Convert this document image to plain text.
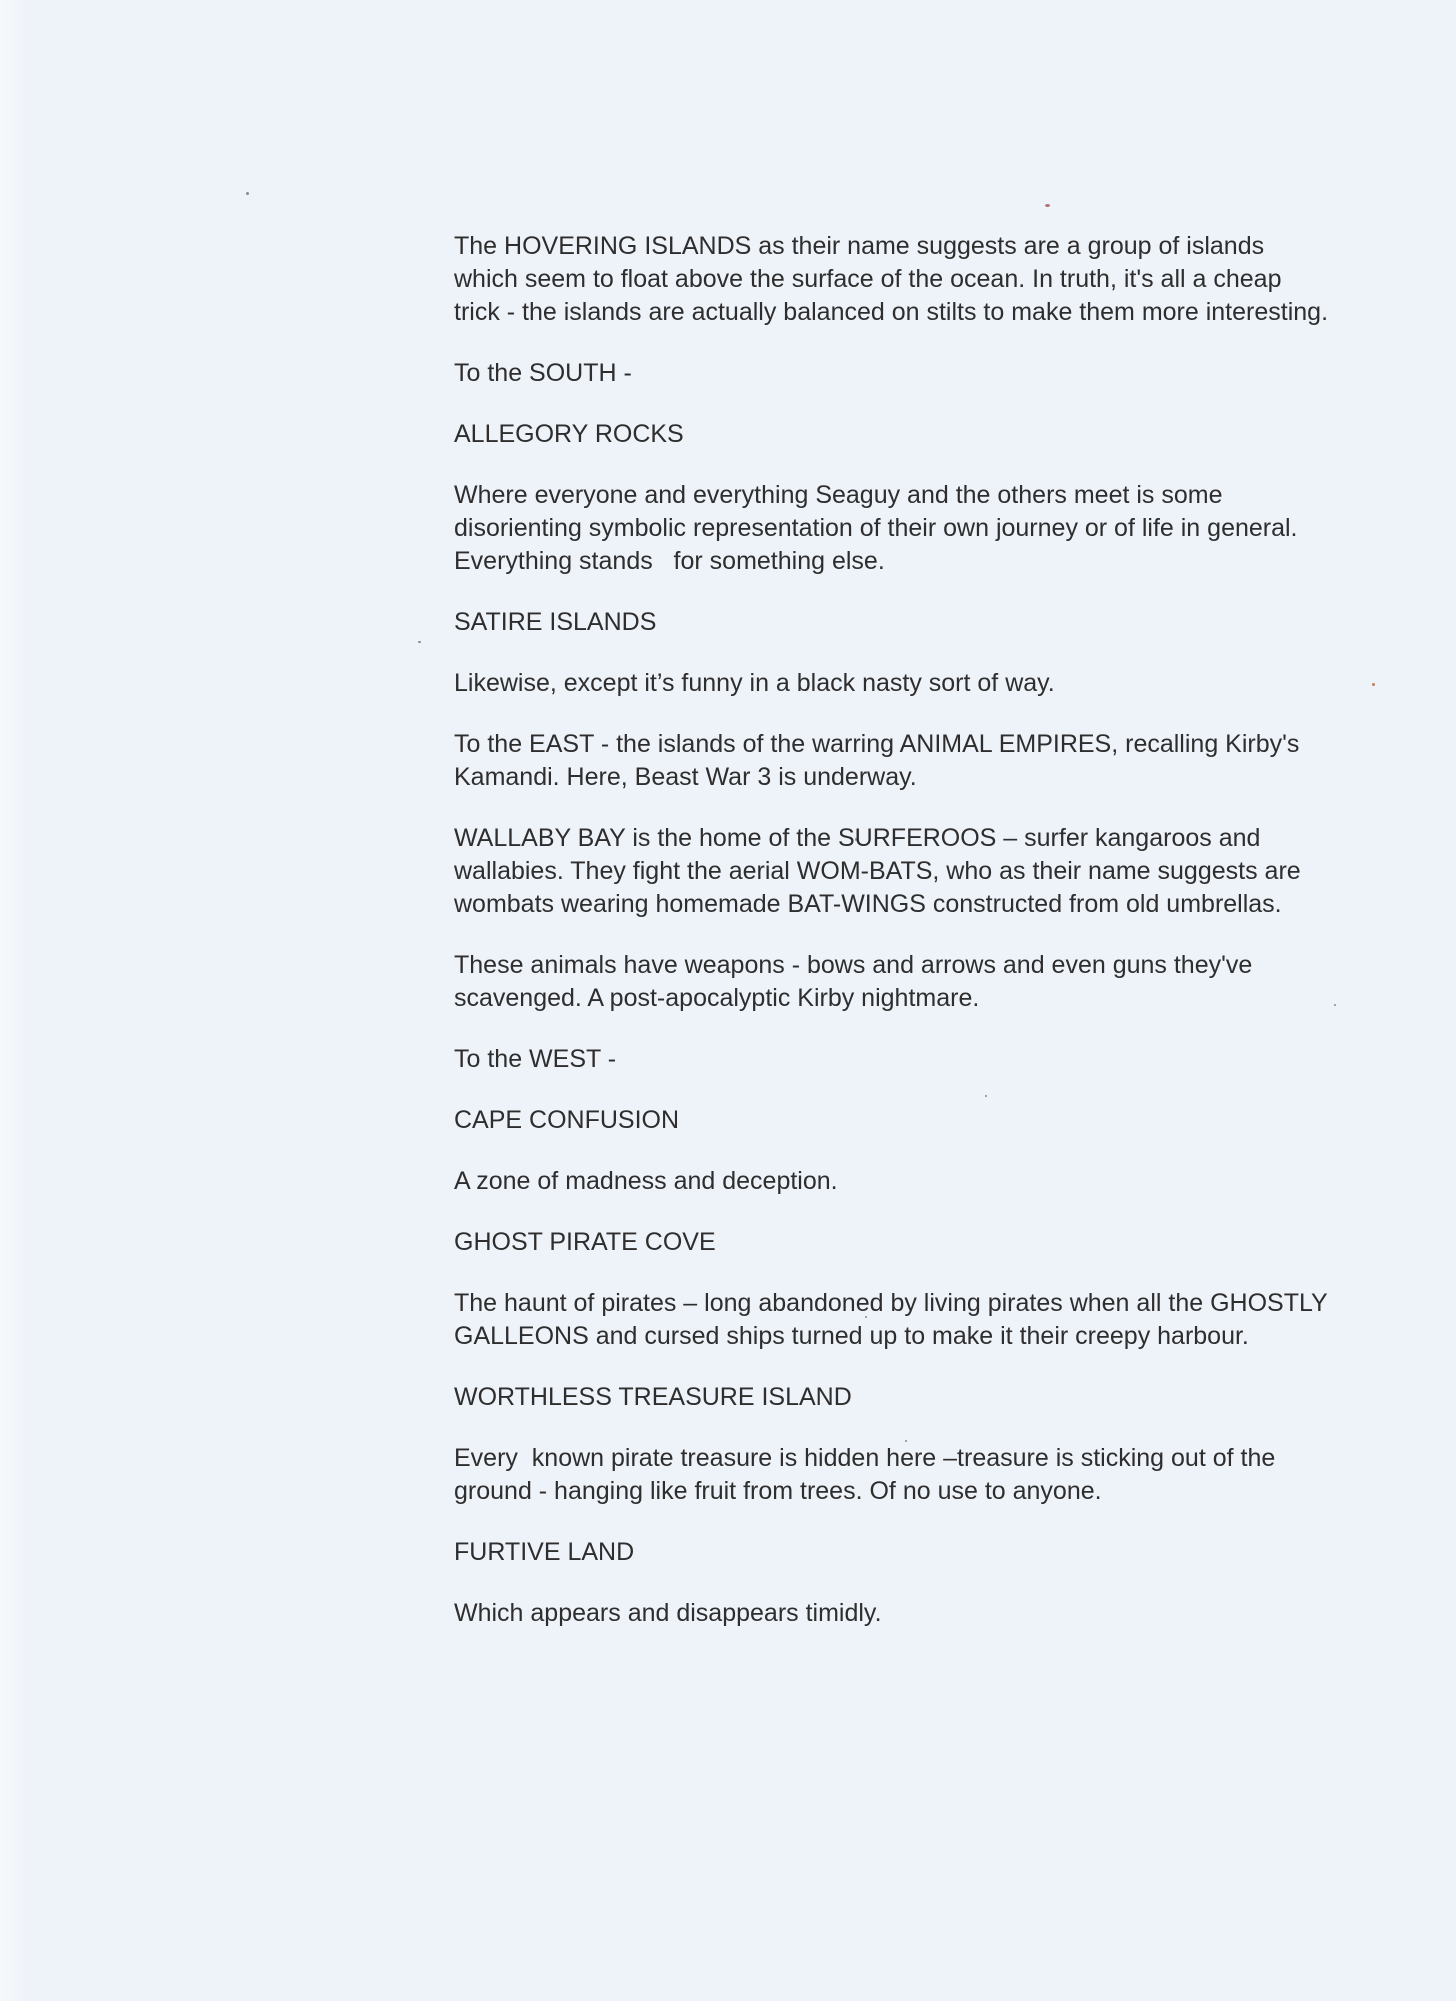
The HOVERING ISLANDS as their name suggests are a group of islands which seem to float above the surface of the ocean. In truth, it's all a cheap trick - the islands are actually balanced on stilts to make them more interesting.

To the SOUTH -

ALLEGORY ROCKS

Where everyone and everything Seaguy and the others meet is some disorienting symbolic representation of their own journey or of life in general. Everything stands   for something else.

SATIRE ISLANDS

Likewise, except it’s funny in a black nasty sort of way.

To the EAST - the islands of the warring ANIMAL EMPIRES, recalling Kirby's Kamandi. Here, Beast War 3 is underway.

WALLABY BAY is the home of the SURFEROOS – surfer kangaroos and wallabies. They fight the aerial WOM-BATS, who as their name suggests are wombats wearing homemade BAT-WINGS constructed from old umbrellas.

These animals have weapons - bows and arrows and even guns they've scavenged. A post-apocalyptic Kirby nightmare.

To the WEST -

CAPE CONFUSION

A zone of madness and deception.

GHOST PIRATE COVE

The haunt of pirates – long abandoned by living pirates when all the GHOSTLY GALLEONS and cursed ships turned up to make it their creepy harbour.

WORTHLESS TREASURE ISLAND

Every  known pirate treasure is hidden here –treasure is sticking out of the ground - hanging like fruit from trees. Of no use to anyone.

FURTIVE LAND

Which appears and disappears timidly.
